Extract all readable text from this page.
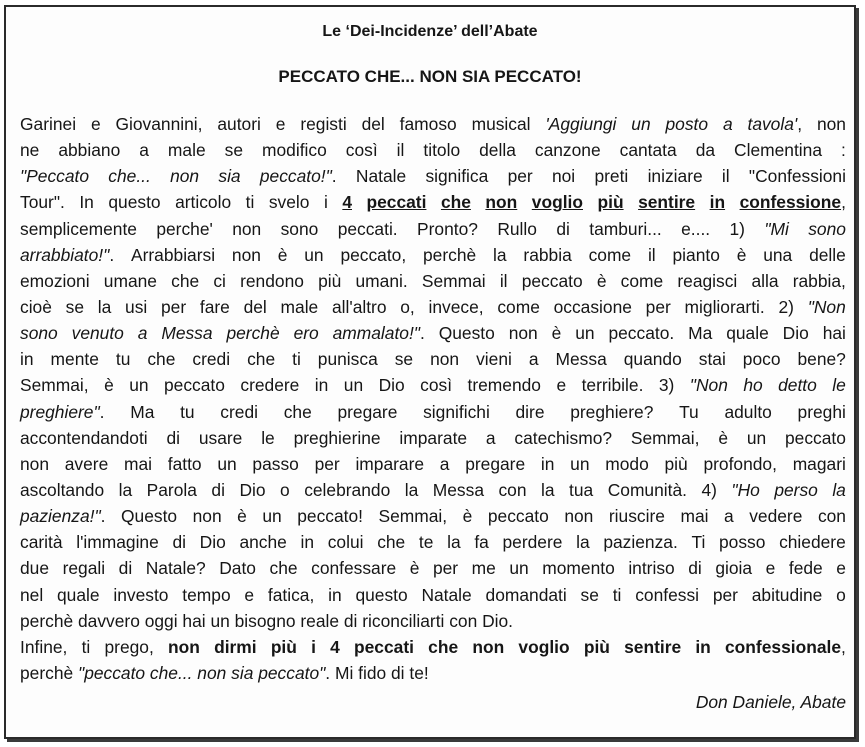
Le ‘Dei-Incidenze’ dell’Abate
PECCATO CHE... NON SIA PECCATO!
Garinei e Giovannini, autori e registi del famoso musical 'Aggiungi un posto a tavola', non
ne abbiano a male se modifico così il titolo della canzone cantata da Clementina :
"Peccato che... non sia peccato!". Natale significa per noi preti iniziare il "Confessioni
Tour". In questo articolo ti svelo i 4 peccati che non voglio più sentire in confessione,
semplicemente perche' non sono peccati. Pronto? Rullo di tamburi... e.... 1) "Mi sono
arrabbiato!". Arrabbiarsi non è un peccato, perchè la rabbia come il pianto è una delle
emozioni umane che ci rendono più umani. Semmai il peccato è come reagisci alla rabbia,
cioè se la usi per fare del male all'altro o, invece, come occasione per migliorarti. 2) "Non
sono venuto a Messa perchè ero ammalato!". Questo non è un peccato. Ma quale Dio hai
in mente tu che credi che ti punisca se non vieni a Messa quando stai poco bene?
Semmai, è un peccato credere in un Dio così tremendo e terribile. 3) "Non ho detto le
preghiere". Ma tu credi che pregare significhi dire preghiere? Tu adulto preghi
accontendandoti di usare le preghierine imparate a catechismo? Semmai, è un peccato
non avere mai fatto un passo per imparare a pregare in un modo più profondo, magari
ascoltando la Parola di Dio o celebrando la Messa con la tua Comunità. 4) "Ho perso la
pazienza!". Questo non è un peccato! Semmai, è peccato non riuscire mai a vedere con
carità l'immagine di Dio anche in colui che te la fa perdere la pazienza. Ti posso chiedere
due regali di Natale? Dato che confessare è per me un momento intriso di gioia e fede e
nel quale investo tempo e fatica, in questo Natale domandati se ti confessi per abitudine o
perchè davvero oggi hai un bisogno reale di riconciliarti con Dio.
Infine, ti prego, non dirmi più i 4 peccati che non voglio più sentire in confessionale,
perchè "peccato che... non sia peccato". Mi fido di te!
Don Daniele, Abate
